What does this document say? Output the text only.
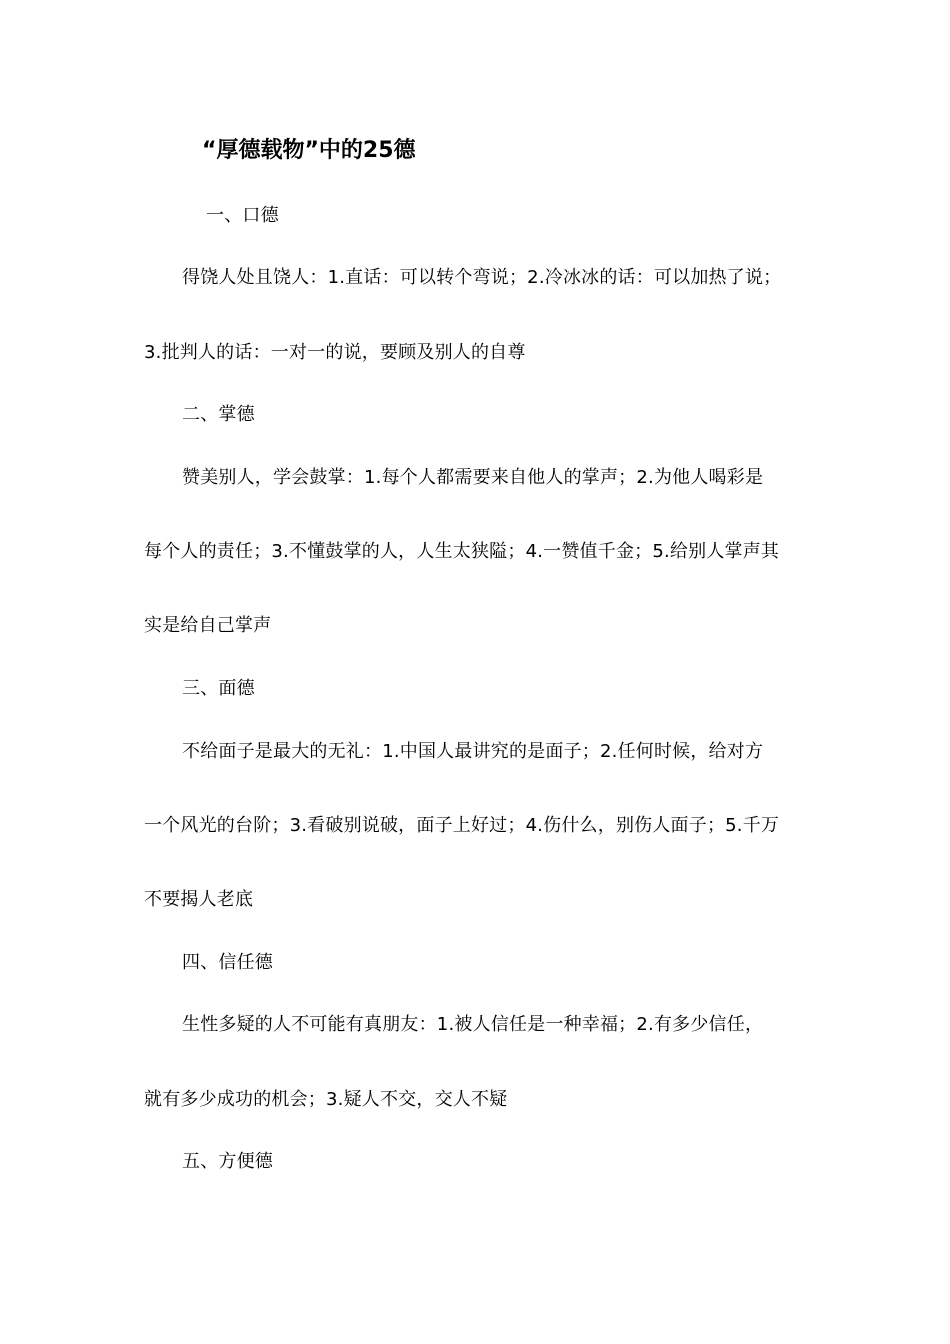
“厚德载物”中的25德
一、口德
得饶人处且饶人：1.直话：可以转个弯说；2.冷冰冰的话：可以加热了说；
3.批判人的话：一对一的说，要顾及别人的自尊
二、掌德
赞美别人，学会鼓掌：1.每个人都需要来自他人的掌声；2.为他人喝彩是
每个人的责任；3.不懂鼓掌的人，人生太狭隘；4.一赞值千金；5.给别人掌声其
实是给自己掌声
三、面德
不给面子是最大的无礼：1.中国人最讲究的是面子；2.任何时候，给对方
一个风光的台阶；3.看破别说破，面子上好过；4.伤什么，别伤人面子；5.千万
不要揭人老底
四、信任德
生性多疑的人不可能有真朋友：1.被人信任是一种幸福；2.有多少信任，
就有多少成功的机会；3.疑人不交，交人不疑
五、方便德
